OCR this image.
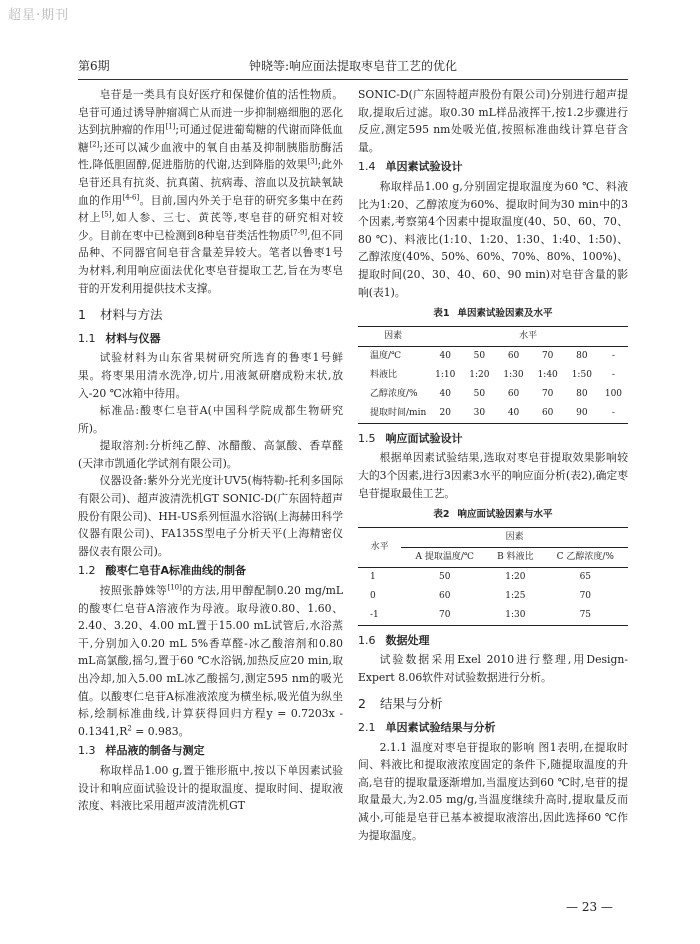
超星·期刊
第6期	钟晓等:响应面法提取枣皂苷工艺的优化

皂苷是一类具有良好医疗和保健价值的活性物质。皂苷可通过诱导肿瘤凋亡从而进一步抑制癌细胞的恶化达到抗肿瘤的作用[1];可通过促进葡萄糖的代谢而降低血糖[2];还可以减少血液中的氧自由基及抑制胰脂肪酶活性,降低胆固醇,促进脂肪的代谢,达到降脂的效果[3];此外皂苷还具有抗炎、抗真菌、抗病毒、溶血以及抗缺氧缺血的作用[4-6]。目前,国内外关于皂苷的研究多集中在药材上[5],如人参、三七、黄芪等,枣皂苷的研究相对较少。目前在枣中已检测到8种皂苷类活性物质[7-9],但不同品种、不同器官间皂苷含量差异较大。笔者以鲁枣1号为材料,利用响应面法优化枣皂苷提取工艺,旨在为枣皂苷的开发利用提供技术支撑。

1 材料与方法
1.1 材料与仪器

试验材料为山东省果树研究所选育的鲁枣1号鲜果。将枣果用清水洗净,切片,用液氮研磨成粉末状,放入-20 ℃冰箱中待用。

标准品:酸枣仁皂苷A(中国科学院成都生物研究所)。

提取溶剂:分析纯乙醇、冰醋酸、高氯酸、香草醛(天津市凯通化学试剂有限公司)。

仪器设备:紫外分光光度计UV5(梅特勒-托利多国际有限公司)、超声波清洗机GT SONIC-D(广东固特超声股份有限公司)、HH-US系列恒温水浴锅(上海赫田科学仪器有限公司)、FA135S型电子分析天平(上海精密仪器仪表有限公司)。

1.2 酸枣仁皂苷A标准曲线的制备

按照张静姝等[10]的方法,用甲醇配制0.20 mg/mL的酸枣仁皂苷A溶液作为母液。取母液0.80、1.60、2.40、3.20、4.00 mL置于15.00 mL试管后,水浴蒸干,分别加入0.20 mL 5%香草醛-冰乙酸溶剂和0.80 mL高氯酸,摇匀,置于60 ℃水浴锅,加热反应20 min,取出冷却,加入5.00 mL冰乙酸摇匀,测定595 nm的吸光值。以酸枣仁皂苷A标准液浓度为横坐标,吸光值为纵坐标,绘制标准曲线,计算获得回归方程$y = 0.7203x - 0.1341,R^2 = 0.983$。

1.3 样品液的制备与测定

称取样品1.00 g,置于锥形瓶中,按以下单因素试验设计和响应面试验设计的提取温度、提取时间、提取液浓度、料液比采用超声波清洗机GT

SONIC-D(广东固特超声股份有限公司)分别进行超声提取,提取后过滤。取0.30 mL样品液挥干,按1.2步骤进行反应,测定595 nm处吸光值,按照标准曲线计算皂苷含量。

1.4 单因素试验设计

称取样品1.00 g,分别固定提取温度为60 ℃、料液比为1:20、乙醇浓度为60%、提取时间为30 min中的3个因素,考察第4个因素中提取温度(40、50、60、70、80 ℃)、料液比(1:10、1:20、1:30、1:40、1:50)、乙醇浓度(40%、50%、60%、70%、80%、100%)、提取时间(20、30、40、60、90 min)对皂苷含量的影响(表1)。

表1 单因素试验因素及水平
因素	水平					
温度/℃	40	50	60	70	80	-
料液比	1:10	1:20	1:30	1:40	1:50	-
乙醇浓度/%	40	50	60	70	80	100
提取时间/min	20	30	40	60	90	-
1.5 响应面试验设计

根据单因素试验结果,选取对枣皂苷提取效果影响较大的3个因素,进行3因素3水平的响应面分析(表2),确定枣皂苷提取最佳工艺。

表2 响应面试验因素与水平
水平	因素		
	A 提取温度/℃	B 料液比	C 乙醇浓度/%
1	50	1:20	65
0	60	1:25	70
-1	70	1:30	75
1.6 数据处理

试验数据采用Exel 2010进行整理,用Design-Expert 8.06软件对试验数据进行分析。

2 结果与分析
2.1 单因素试验结果与分析

2.1.1 温度对枣皂苷提取的影响 图1表明,在提取时间、料液比和提取液浓度固定的条件下,随提取温度的升高,皂苷的提取量逐渐增加,当温度达到60 ℃时,皂苷的提取量最大,为2.05 mg/g,当温度继续升高时,提取量反而减小,可能是皂苷已基本被提取液溶出,因此选择60 ℃作为提取温度。

— 23 —
